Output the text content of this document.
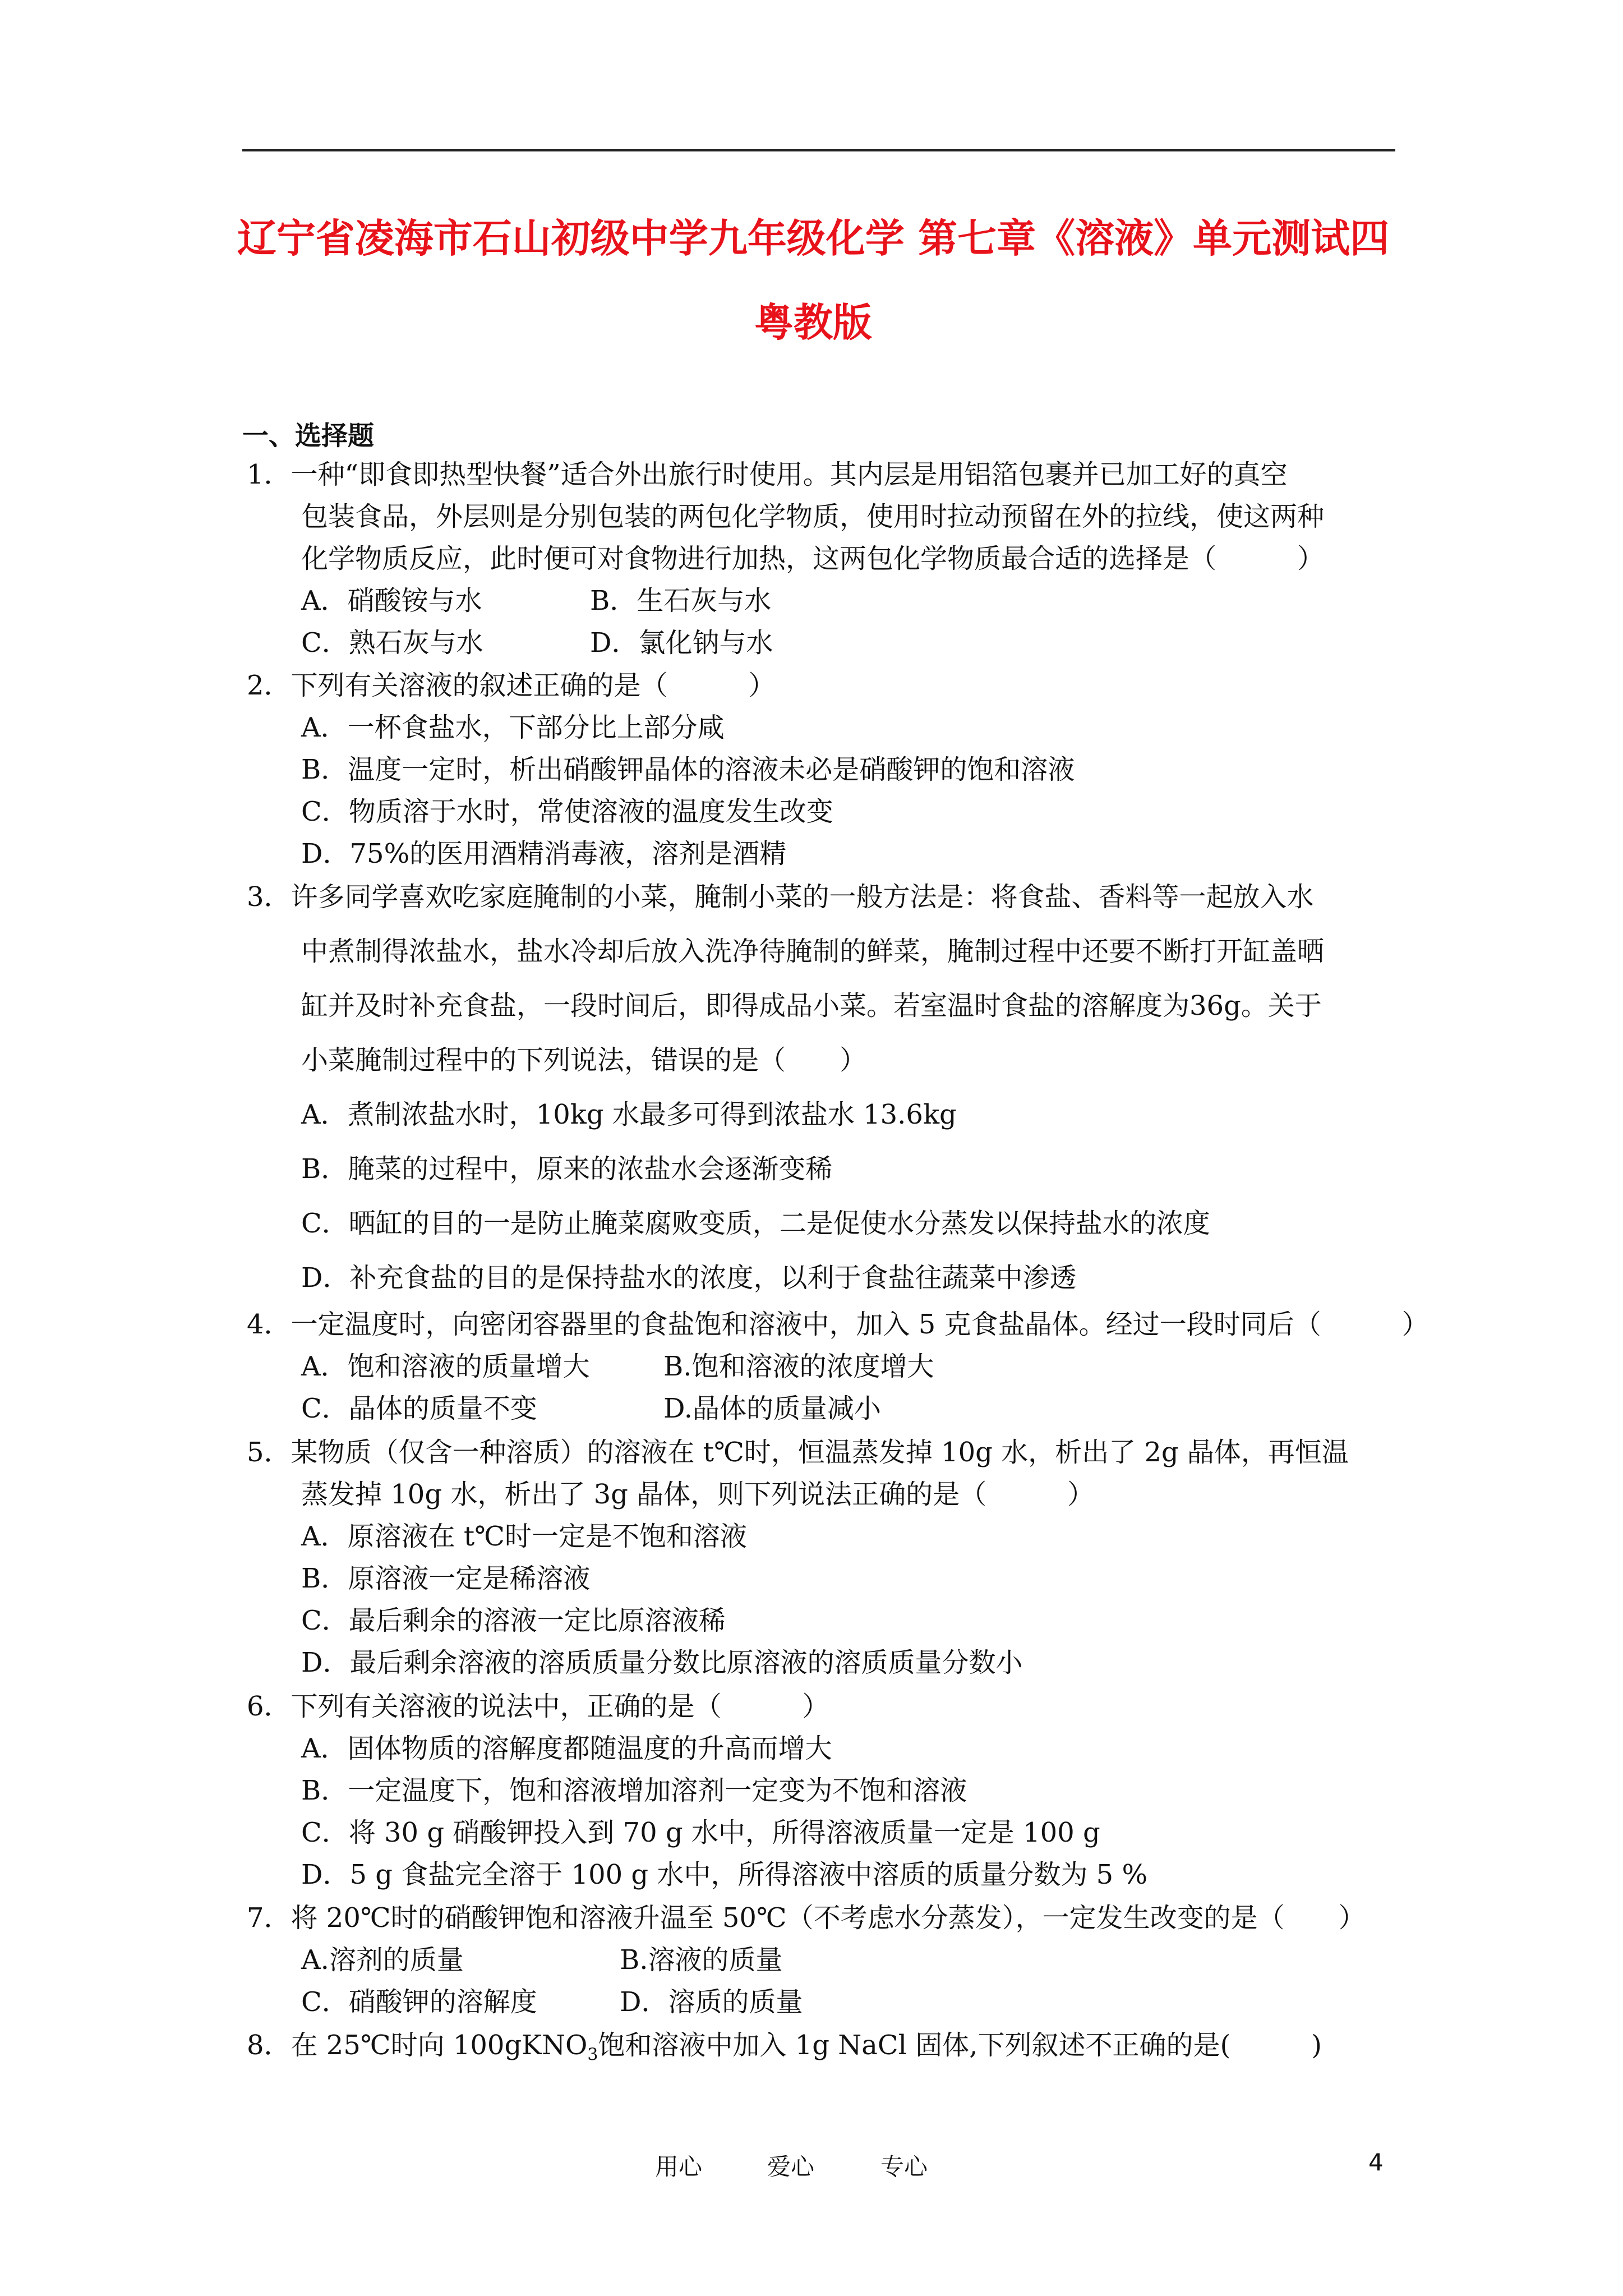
辽宁省凌海市石山初级中学九年级化学 第七章《溶液》单元测试四
粤教版
一、选择题
1．一种“即食即热型快餐”适合外出旅行时使用。其内层是用铝箔包裹并已加工好的真空
包装食品，外层则是分别包装的两包化学物质，使用时拉动预留在外的拉线，使这两种
化学物质反应，此时便可对食物进行加热，这两包化学物质最合适的选择是（　　　）
A．硝酸铵与水	B．生石灰与水
C．熟石灰与水	D．氯化钠与水
2．下列有关溶液的叙述正确的是（　　　）
A．一杯食盐水，下部分比上部分咸
B．温度一定时，析出硝酸钾晶体的溶液未必是硝酸钾的饱和溶液
C．物质溶于水时，常使溶液的温度发生改变
D．75%的医用酒精消毒液，溶剂是酒精
3．许多同学喜欢吃家庭腌制的小菜，腌制小菜的一般方法是：将食盐、香料等一起放入水
中煮制得浓盐水，盐水冷却后放入洗净待腌制的鲜菜，腌制过程中还要不断打开缸盖晒
缸并及时补充食盐，一段时间后，即得成品小菜。若室温时食盐的溶解度为36g。关于
小菜腌制过程中的下列说法，错误的是（　　）
A．煮制浓盐水时，10kg 水最多可得到浓盐水 13.6kg
B．腌菜的过程中，原来的浓盐水会逐渐变稀
C．晒缸的目的一是防止腌菜腐败变质，二是促使水分蒸发以保持盐水的浓度
D．补充食盐的目的是保持盐水的浓度，以利于食盐往蔬菜中渗透
4．一定温度时，向密闭容器里的食盐饱和溶液中，加入 5 克食盐晶体。经过一段时同后（　　　）
A．饱和溶液的质量增大	B.饱和溶液的浓度增大
C．晶体的质量不变	D.晶体的质量减小
5．某物质（仅含一种溶质）的溶液在 t℃时，恒温蒸发掉 10g 水，析出了 2g 晶体，再恒温
蒸发掉 10g 水，析出了 3g 晶体，则下列说法正确的是（　　　）
A．原溶液在 t℃时一定是不饱和溶液
B．原溶液一定是稀溶液
C．最后剩余的溶液一定比原溶液稀
D．最后剩余溶液的溶质质量分数比原溶液的溶质质量分数小
6．下列有关溶液的说法中，正确的是（　　　）
A．固体物质的溶解度都随温度的升高而增大
B．一定温度下，饱和溶液增加溶剂一定变为不饱和溶液
C．将 30 g 硝酸钾投入到 70 g 水中，所得溶液质量一定是 100 g
D．5 g 食盐完全溶于 100 g 水中，所得溶液中溶质的质量分数为 5 %
7．将 20℃时的硝酸钾饱和溶液升温至 50℃（不考虑水分蒸发），一定发生改变的是（　　）
A.溶剂的质量	B.溶液的质量
C．硝酸钾的溶解度	D．溶质的质量
8．在 25℃时向 100gKNO$_3$饱和溶液中加入 1g NaCl 固体,下列叙述不正确的是(　　　)
用心	爱心	专心	4
